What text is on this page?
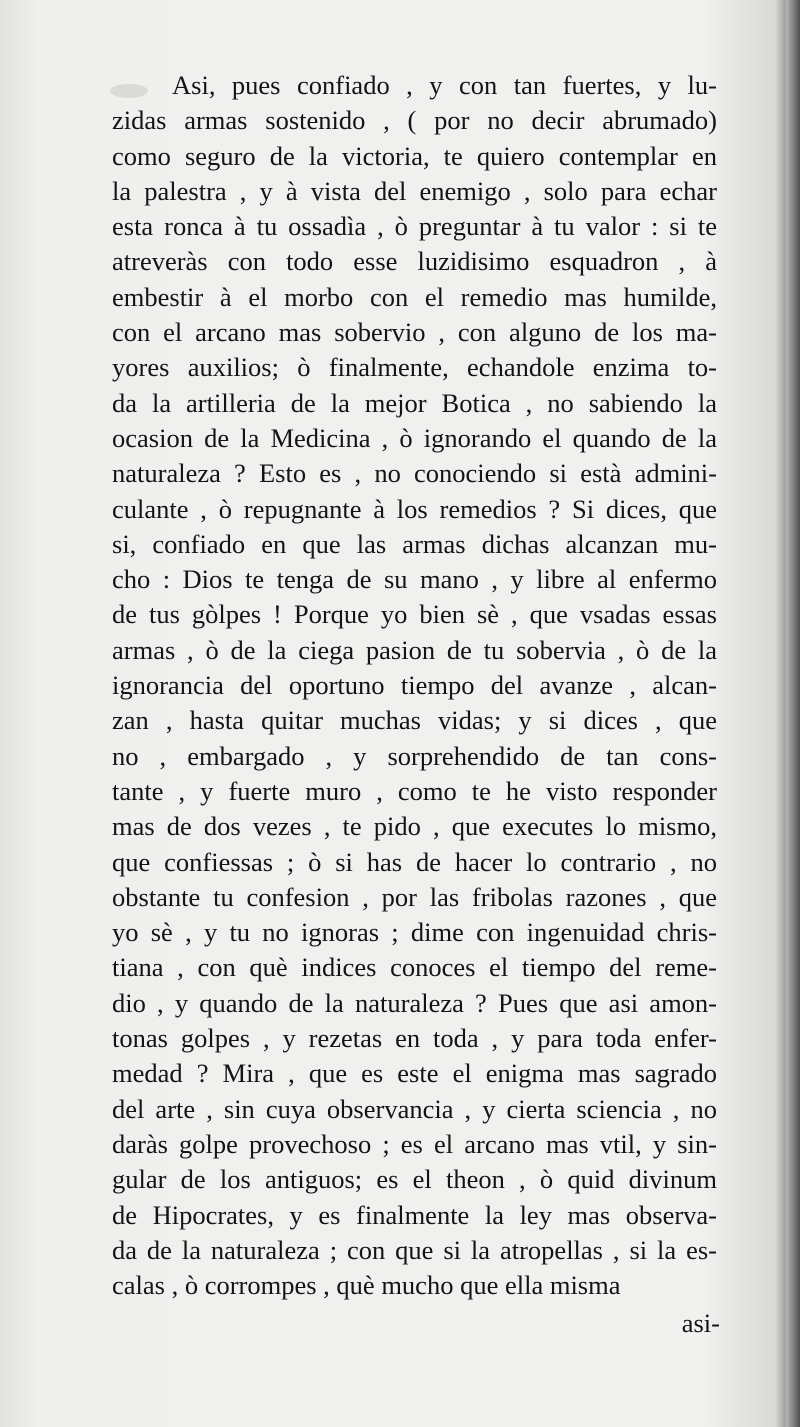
Asi, pues confiado , y con tan fuertes, y lu-
zidas armas sostenido , ( por no decir abrumado)
como seguro de la victoria, te quiero contemplar en
la palestra , y à vista del enemigo , solo para echar
esta ronca à tu ossadìa , ò preguntar à tu valor : si te
atreveràs con todo esse luzidisimo esquadron , à
embestir à el morbo con el remedio mas humilde,
con el arcano mas sobervio , con alguno de los ma-
yores auxilios; ò finalmente, echandole enzima to-
da la artilleria de la mejor Botica , no sabiendo la
ocasion de la Medicina , ò ignorando el quando de la
naturaleza ? Esto es , no conociendo si està admini-
culante , ò repugnante à los remedios ? Si dices, que
si, confiado en que las armas dichas alcanzan mu-
cho : Dios te tenga de su mano , y libre al enfermo
de tus gòlpes ! Porque yo bien sè , que vsadas essas
armas , ò de la ciega pasion de tu sobervia , ò de la
ignorancia del oportuno tiempo del avanze , alcan-
zan , hasta quitar muchas vidas; y si dices , que
no , embargado , y sorprehendido de tan cons-
tante , y fuerte muro , como te he visto responder
mas de dos vezes , te pido , que executes lo mismo,
que confiessas ; ò si has de hacer lo contrario , no
obstante tu confesion , por las fribolas razones , que
yo sè , y tu no ignoras ; dime con ingenuidad chris-
tiana , con què indices conoces el tiempo del reme-
dio , y quando de la naturaleza ? Pues que asi amon-
tonas golpes , y rezetas en toda , y para toda enfer-
medad ? Mira , que es este el enigma mas sagrado
del arte , sin cuya observancia , y cierta sciencia , no
daràs golpe provechoso ; es el arcano mas vtil, y sin-
gular de los antiguos; es el theon , ò quid divinum
de Hipocrates, y es finalmente la ley mas observa-
da de la naturaleza ; con que si la atropellas , si la es-
calas , ò corrompes , què mucho que ella misma
asi-
